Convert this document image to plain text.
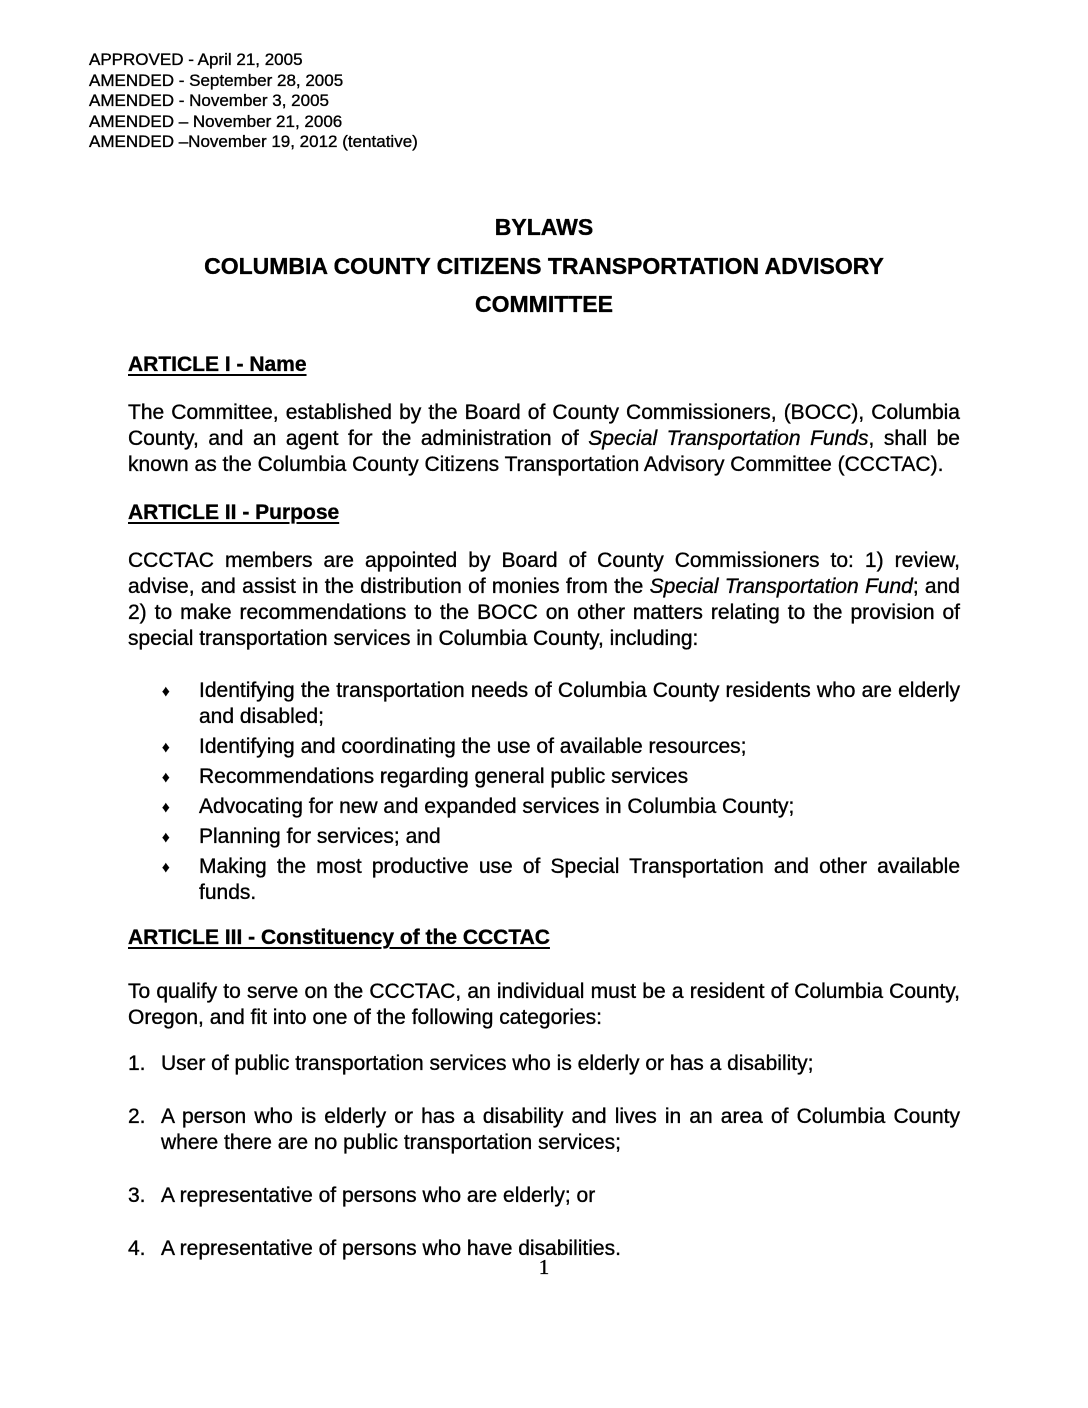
APPROVED - April 21, 2005
AMENDED - September 28, 2005
AMENDED - November 3, 2005
AMENDED – November 21, 2006
AMENDED –November 19, 2012 (tentative)
BYLAWS
COLUMBIA COUNTY CITIZENS TRANSPORTATION ADVISORY
COMMITTEE
ARTICLE I - Name

The Committee, established by the Board of County Commissioners, (BOCC), Columbia County, and an agent for the administration of Special Transportation Funds, shall be known as the Columbia County Citizens Transportation Advisory Committee (CCCTAC).

ARTICLE II - Purpose

CCCTAC members are appointed by Board of County Commissioners to: 1) review, advise, and assist in the distribution of monies from the Special Transportation Fund; and 2) to make recommendations to the BOCC on other matters relating to the provision of special transportation services in Columbia County, including:

♦ Identifying the transportation needs of Columbia County residents who are elderly and disabled;
♦ Identifying and coordinating the use of available resources;
♦ Recommendations regarding general public services
♦ Advocating for new and expanded services in Columbia County;
♦ Planning for services; and
♦ Making the most productive use of Special Transportation and other available funds.
ARTICLE III - Constituency of the CCCTAC

To qualify to serve on the CCCTAC, an individual must be a resident of Columbia County, Oregon, and fit into one of the following categories:

1. User of public transportation services who is elderly or has a disability;
2. A person who is elderly or has a disability and lives in an area of Columbia County where there are no public transportation services;
3. A representative of persons who are elderly; or
4. A representative of persons who have disabilities.
1
